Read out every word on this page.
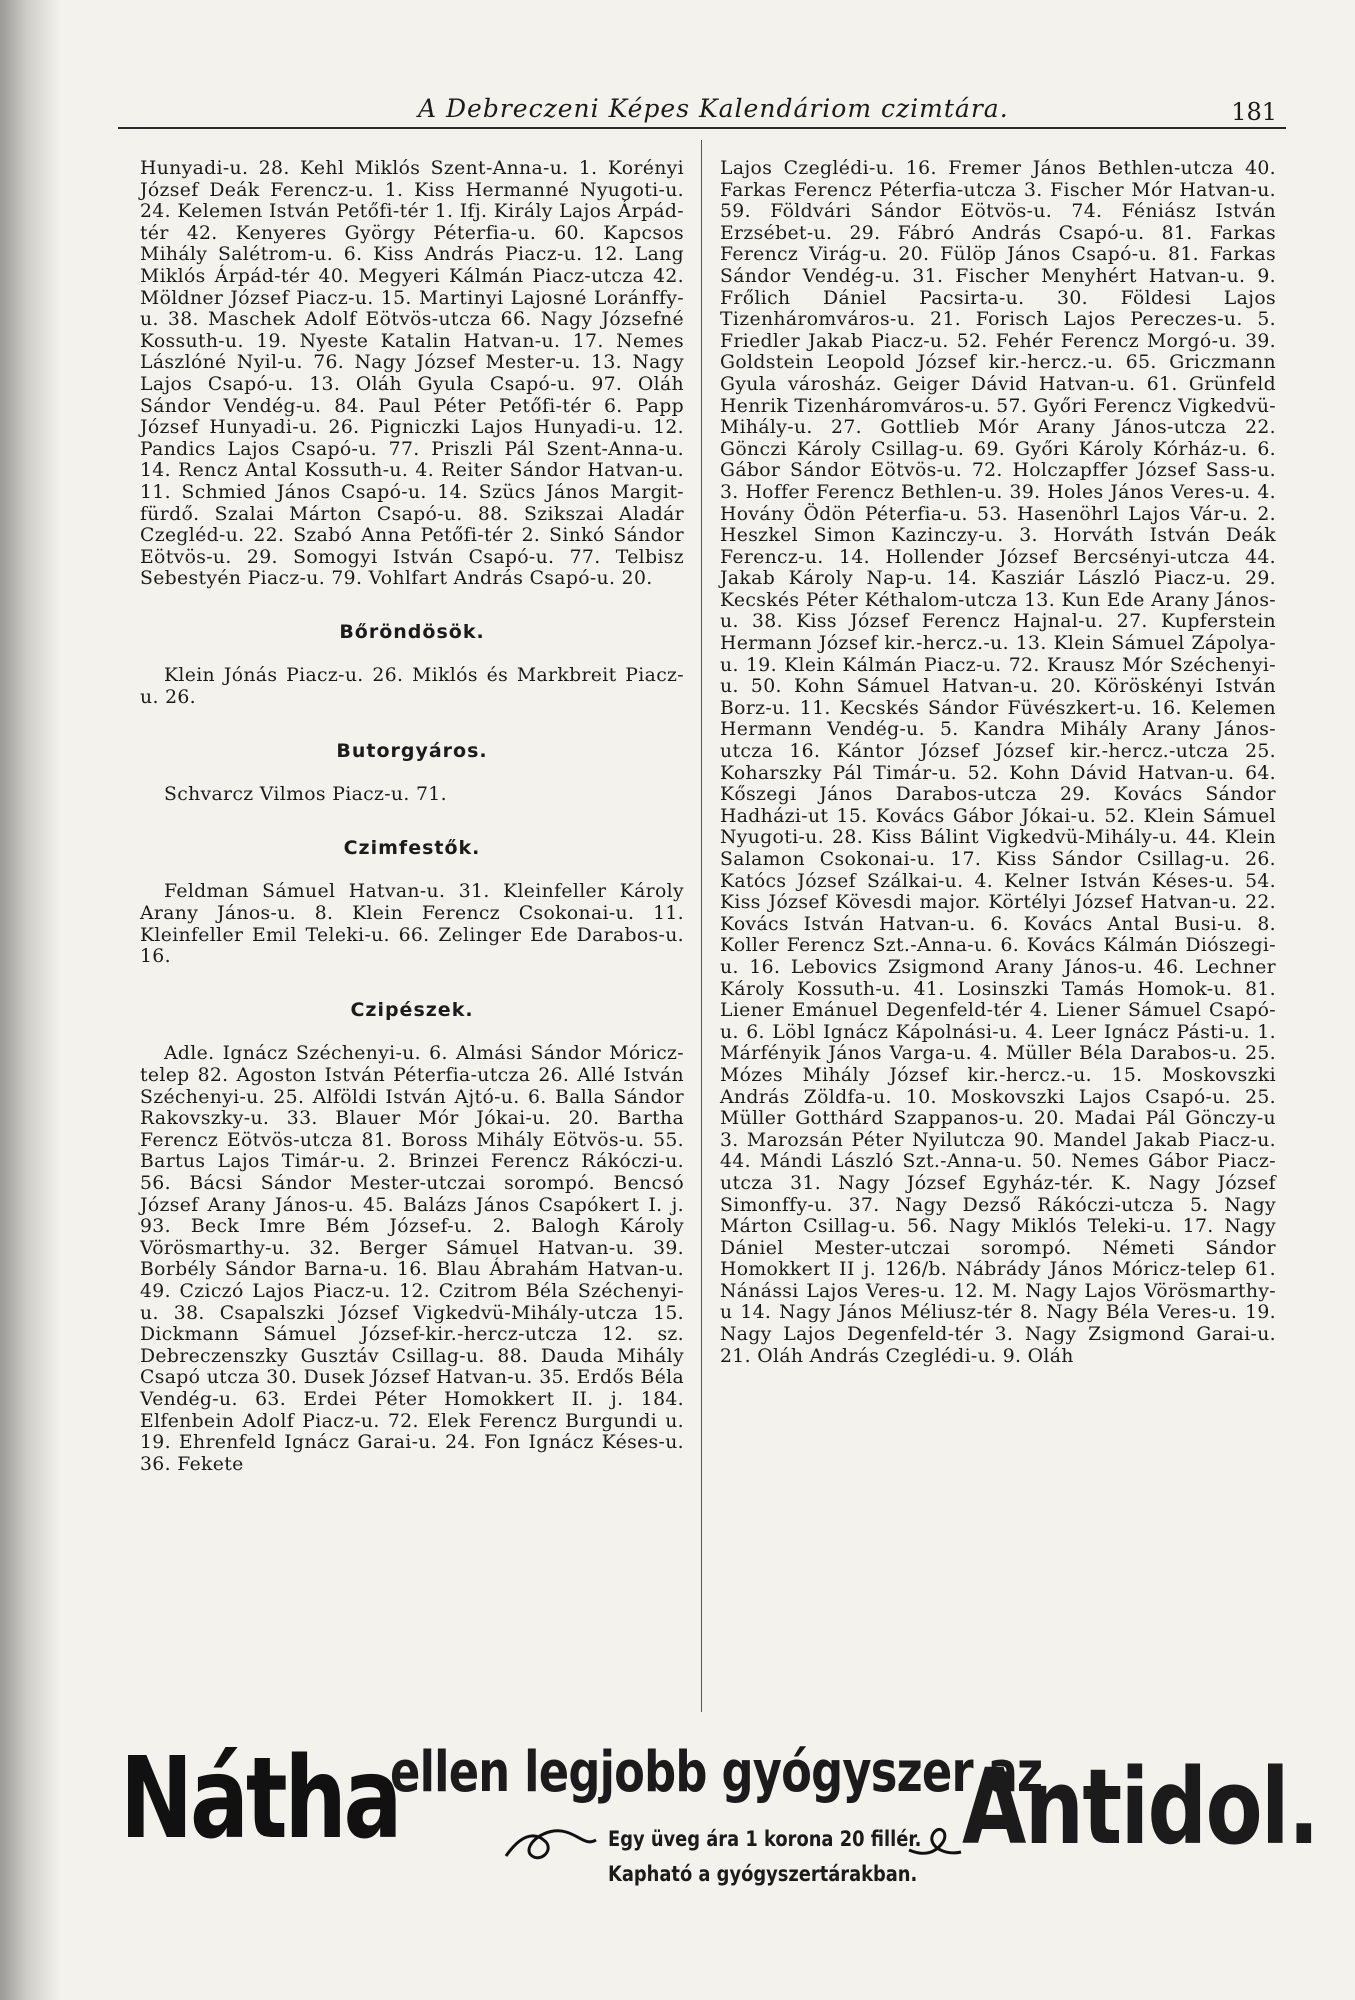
A Debreczeni Képes Kalendáriom czimtára.	181

Hunyadi-u. 28. Kehl Miklós Szent-Anna-u. 1. Korényi József Deák Ferencz-u. 1. Kiss Hermanné Nyugoti-u. 24. Kelemen István Petőfi-tér 1. Ifj. Király Lajos Árpád-tér 42. Kenyeres György Péterfia-u. 60. Kapcsos Mihály Salétrom-u. 6. Kiss András Piacz-u. 12. Lang Miklós Árpád-tér 40. Megyeri Kálmán Piacz-utcza 42. Möldner József Piacz-u. 15. Martinyi Lajosné Loránffy-u. 38. Maschek Adolf Eötvös-utcza 66. Nagy Józsefné Kossuth-u. 19. Nyeste Katalin Hatvan-u. 17. Nemes Lászlóné Nyil-u. 76. Nagy József Mester-u. 13. Nagy Lajos Csapó-u. 13. Oláh Gyula Csapó-u. 97. Oláh Sándor Vendég-u. 84. Paul Péter Petőfi-tér 6. Papp József Hunyadi-u. 26. Pigniczki Lajos Hunyadi-u. 12. Pandics Lajos Csapó-u. 77. Priszli Pál Szent-Anna-u. 14. Rencz Antal Kossuth-u. 4. Reiter Sándor Hatvan-u. 11. Schmied János Csapó-u. 14. Szücs János Margit-fürdő. Szalai Márton Csapó-u. 88. Szikszai Aladár Czegléd-u. 22. Szabó Anna Petőfi-tér 2. Sinkó Sándor Eötvös-u. 29. Somogyi István Csapó-u. 77. Telbisz Sebestyén Piacz-u. 79. Vohlfart András Csapó-u. 20.

Bőröndösök.

Klein Jónás Piacz-u. 26. Miklós és Markbreit Piacz-u. 26.

Butorgyáros.

Schvarcz Vilmos Piacz-u. 71.

Czimfestők.

Feldman Sámuel Hatvan-u. 31. Kleinfeller Károly Arany János-u. 8. Klein Ferencz Csokonai-u. 11. Kleinfeller Emil Teleki-u. 66. Zelinger Ede Darabos-u. 16.

Czipészek.

Adle. Ignácz Széchenyi-u. 6. Almási Sándor Móricz-telep 82. Agoston István Péterfia-utcza 26. Allé István Széchenyi-u. 25. Alföldi István Ajtó-u. 6. Balla Sándor Rakovszky-u. 33. Blauer Mór Jókai-u. 20. Bartha Ferencz Eötvös-utcza 81. Boross Mihály Eötvös-u. 55. Bartus Lajos Timár-u. 2. Brinzei Ferencz Rákóczi-u. 56. Bácsi Sándor Mester-utczai sorompó. Bencsó József Arany János-u. 45. Balázs János Csapókert I. j. 93. Beck Imre Bém József-u. 2. Balogh Károly Vörösmarthy-u. 32. Berger Sámuel Hatvan-u. 39. Borbély Sándor Barna-u. 16. Blau Ábrahám Hatvan-u. 49. Cziczó Lajos Piacz-u. 12. Czitrom Béla Széchenyi-u. 38. Csapalszki József Vigkedvü-Mihály-utcza 15. Dickmann Sámuel József-kir.-hercz-utcza 12. sz. Debreczenszky Gusztáv Csillag-u. 88. Dauda Mihály Csapó utcza 30. Dusek József Hatvan-u. 35. Erdős Béla Vendég-u. 63. Erdei Péter Homokkert II. j. 184. Elfenbein Adolf Piacz-u. 72. Elek Ferencz Burgundi u. 19. Ehrenfeld Ignácz Garai-u. 24. Fon Ignácz Késes-u. 36. Fekete

Lajos Czeglédi-u. 16. Fremer János Bethlen-utcza 40. Farkas Ferencz Péterfia-utcza 3. Fischer Mór Hatvan-u. 59. Földvári Sándor Eötvös-u. 74. Féniász István Erzsébet-u. 29. Fábró András Csapó-u. 81. Farkas Ferencz Virág-u. 20. Fülöp János Csapó-u. 81. Farkas Sándor Vendég-u. 31. Fischer Menyhért Hatvan-u. 9. Frőlich Dániel Pacsirta-u. 30. Földesi Lajos Tizenháromváros-u. 21. Forisch Lajos Pereczes-u. 5. Friedler Jakab Piacz-u. 52. Fehér Ferencz Morgó-u. 39. Goldstein Leopold József kir.-hercz.-u. 65. Griczmann Gyula városház. Geiger Dávid Hatvan-u. 61. Grünfeld Henrik Tizenháromváros-u. 57. Győri Ferencz Vigkedvü-Mihály-u. 27. Gottlieb Mór Arany János-utcza 22. Gönczi Károly Csillag-u. 69. Győri Károly Kórház-u. 6. Gábor Sándor Eötvös-u. 72. Holczapffer József Sass-u. 3. Hoffer Ferencz Bethlen-u. 39. Holes János Veres-u. 4. Hovány Ödön Péterfia-u. 53. Hasenöhrl Lajos Vár-u. 2. Heszkel Simon Kazinczy-u. 3. Horváth István Deák Ferencz-u. 14. Hollender József Bercsényi-utcza 44. Jakab Károly Nap-u. 14. Kasziár László Piacz-u. 29. Kecskés Péter Kéthalom-utcza 13. Kun Ede Arany János-u. 38. Kiss József Ferencz Hajnal-u. 27. Kupferstein Hermann József kir.-hercz.-u. 13. Klein Sámuel Zápolya-u. 19. Klein Kálmán Piacz-u. 72. Krausz Mór Széchenyi-u. 50. Kohn Sámuel Hatvan-u. 20. Köröskényi István Borz-u. 11. Kecskés Sándor Füvészkert-u. 16. Kelemen Hermann Vendég-u. 5. Kandra Mihály Arany János-utcza 16. Kántor József József kir.-hercz.-utcza 25. Koharszky Pál Timár-u. 52. Kohn Dávid Hatvan-u. 64. Kőszegi János Darabos-utcza 29. Kovács Sándor Hadházi-ut 15. Kovács Gábor Jókai-u. 52. Klein Sámuel Nyugoti-u. 28. Kiss Bálint Vigkedvü-Mihály-u. 44. Klein Salamon Csokonai-u. 17. Kiss Sándor Csillag-u. 26. Katócs József Szálkai-u. 4. Kelner István Késes-u. 54. Kiss József Kövesdi major. Körtélyi József Hatvan-u. 22. Kovács István Hatvan-u. 6. Kovács Antal Busi-u. 8. Koller Ferencz Szt.-Anna-u. 6. Kovács Kálmán Diószegi-u. 16. Lebovics Zsigmond Arany János-u. 46. Lechner Károly Kossuth-u. 41. Losinszki Tamás Homok-u. 81. Liener Emánuel Degenfeld-tér 4. Liener Sámuel Csapó-u. 6. Löbl Ignácz Kápolnási-u. 4. Leer Ignácz Pásti-u. 1. Márfényik János Varga-u. 4. Müller Béla Darabos-u. 25. Mózes Mihály József kir.-hercz.-u. 15. Moskovszki András Zöldfa-u. 10. Moskovszki Lajos Csapó-u. 25. Müller Gotthárd Szappanos-u. 20. Madai Pál Gönczy-u 3. Marozsán Péter Nyilutcza 90. Mandel Jakab Piacz-u. 44. Mándi László Szt.-Anna-u. 50. Nemes Gábor Piacz-utcza 31. Nagy József Egyház-tér. K. Nagy József Simonffy-u. 37. Nagy Dezső Rákóczi-utcza 5. Nagy Márton Csillag-u. 56. Nagy Miklós Teleki-u. 17. Nagy Dániel Mester-utczai sorompó. Németi Sándor Homokkert II j. 126/b. Nábrády János Móricz-telep 61. Nánássi Lajos Veres-u. 12. M. Nagy Lajos Vörösmarthy-u 14. Nagy János Méliusz-tér 8. Nagy Béla Veres-u. 19. Nagy Lajos Degenfeld-tér 3. Nagy Zsigmond Garai-u. 21. Oláh András Czeglédi-u. 9. Oláh

Nátha
ellen legjobb gyógyszer az
Antidol.
Egy üveg ára 1 korona 20 fillér.
Kapható a gyógyszertárakban.
